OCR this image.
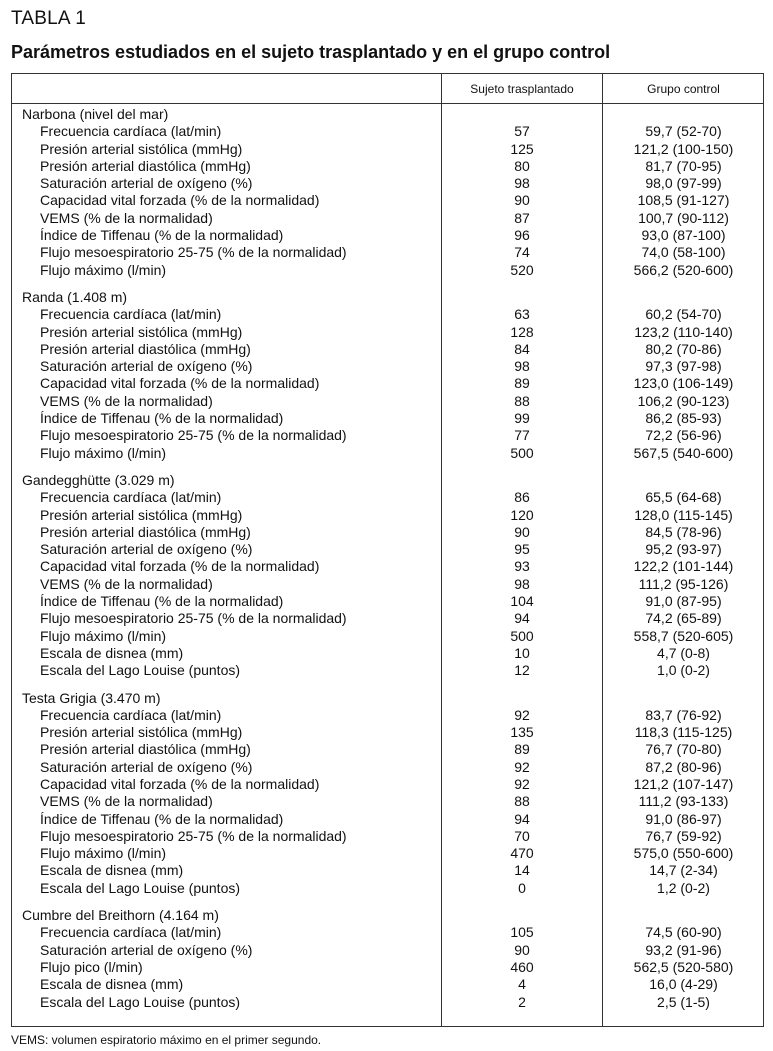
TABLA 1
Parámetros estudiados en el sujeto trasplantado y en el grupo control
Sujeto trasplantado	Grupo control
Narbona (nivel del mar)
Frecuencia cardíaca (lat/min)	57	59,7 (52-70)
Presión arterial sistólica (mmHg)	125	121,2 (100-150)
Presión arterial diastólica (mmHg)	80	81,7 (70-95)
Saturación arterial de oxígeno (%)	98	98,0 (97-99)
Capacidad vital forzada (% de la normalidad)	90	108,5 (91-127)
VEMS (% de la normalidad)	87	100,7 (90-112)
Índice de Tiffenau (% de la normalidad)	96	93,0 (87-100)
Flujo mesoespiratorio 25-75 (% de la normalidad)	74	74,0 (58-100)
Flujo máximo (l/min)	520	566,2 (520-600)
Randa (1.408 m)
Frecuencia cardíaca (lat/min)	63	60,2 (54-70)
Presión arterial sistólica (mmHg)	128	123,2 (110-140)
Presión arterial diastólica (mmHg)	84	80,2 (70-86)
Saturación arterial de oxígeno (%)	98	97,3 (97-98)
Capacidad vital forzada (% de la normalidad)	89	123,0 (106-149)
VEMS (% de la normalidad)	88	106,2 (90-123)
Índice de Tiffenau (% de la normalidad)	99	86,2 (85-93)
Flujo mesoespiratorio 25-75 (% de la normalidad)	77	72,2 (56-96)
Flujo máximo (l/min)	500	567,5 (540-600)
Gandegghütte (3.029 m)
Frecuencia cardíaca (lat/min)	86	65,5 (64-68)
Presión arterial sistólica (mmHg)	120	128,0 (115-145)
Presión arterial diastólica (mmHg)	90	84,5 (78-96)
Saturación arterial de oxígeno (%)	95	95,2 (93-97)
Capacidad vital forzada (% de la normalidad)	93	122,2 (101-144)
VEMS (% de la normalidad)	98	111,2 (95-126)
Índice de Tiffenau (% de la normalidad)	104	91,0 (87-95)
Flujo mesoespiratorio 25-75 (% de la normalidad)	94	74,2 (65-89)
Flujo máximo (l/min)	500	558,7 (520-605)
Escala de disnea (mm)	10	4,7 (0-8)
Escala del Lago Louise (puntos)	12	1,0 (0-2)
Testa Grigia (3.470 m)
Frecuencia cardíaca (lat/min)	92	83,7 (76-92)
Presión arterial sistólica (mmHg)	135	118,3 (115-125)
Presión arterial diastólica (mmHg)	89	76,7 (70-80)
Saturación arterial de oxígeno (%)	92	87,2 (80-96)
Capacidad vital forzada (% de la normalidad)	92	121,2 (107-147)
VEMS (% de la normalidad)	88	111,2 (93-133)
Índice de Tiffenau (% de la normalidad)	94	91,0 (86-97)
Flujo mesoespiratorio 25-75 (% de la normalidad)	70	76,7 (59-92)
Flujo máximo (l/min)	470	575,0 (550-600)
Escala de disnea (mm)	14	14,7 (2-34)
Escala del Lago Louise (puntos)	0	1,2 (0-2)
Cumbre del Breithorn (4.164 m)
Frecuencia cardíaca (lat/min)	105	74,5 (60-90)
Saturación arterial de oxígeno (%)	90	93,2 (91-96)
Flujo pico (l/min)	460	562,5 (520-580)
Escala de disnea (mm)	4	16,0 (4-29)
Escala del Lago Louise (puntos)	2	2,5 (1-5)
VEMS: volumen espiratorio máximo en el primer segundo.
